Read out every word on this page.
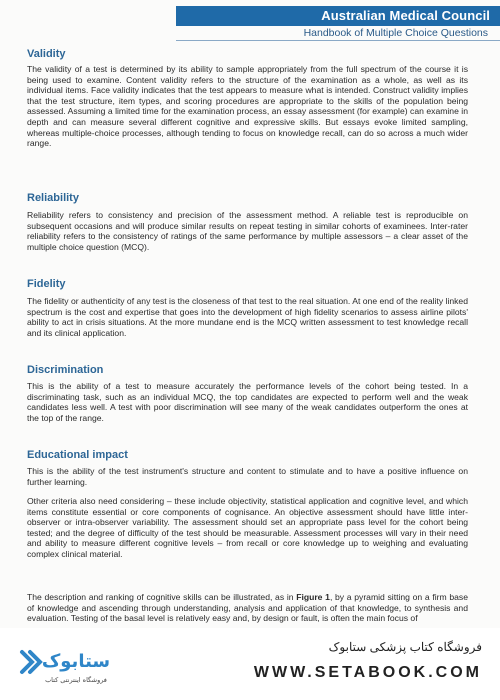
Australian Medical Council
Handbook of Multiple Choice Questions
Validity

The validity of a test is determined by its ability to sample appropriately from the full spectrum of the course it is being used to examine. Content validity refers to the structure of the examination as a whole, as well as its individual items. Face validity indicates that the test appears to measure what is intended. Construct validity implies that the test structure, item types, and scoring procedures are appropriate to the skills of the population being assessed. Assuming a limited time for the examination process, an essay assessment (for example) can examine in depth and can measure several different cognitive and expressive skills. But essays evoke limited sampling, whereas multiple-choice processes, although tending to focus on knowledge recall, can do so across a much wider range.

Reliability

Reliability refers to consistency and precision of the assessment method. A reliable test is reproducible on subsequent occasions and will produce similar results on repeat testing in similar cohorts of examinees. Inter-rater reliability refers to the consistency of ratings of the same performance by multiple assessors – a clear asset of the multiple choice question (MCQ).

Fidelity

The fidelity or authenticity of any test is the closeness of that test to the real situation. At one end of the reality linked spectrum is the cost and expertise that goes into the development of high fidelity scenarios to assess airline pilots' ability to act in crisis situations. At the more mundane end is the MCQ written assessment to test knowledge recall and its clinical application.

Discrimination

This is the ability of a test to measure accurately the performance levels of the cohort being tested. In a discriminating task, such as an individual MCQ, the top candidates are expected to perform well and the weak candidates less well. A test with poor discrimination will see many of the weak candidates outperform the ones at the top of the range.

Educational impact

This is the ability of the test instrument's structure and content to stimulate and to have a positive influence on further learning.

Other criteria also need considering – these include objectivity, statistical application and cognitive level, and which items constitute essential or core components of cognisance. An objective assessment should have little inter-observer or intra-observer variability. The assessment should set an appropriate pass level for the cohort being tested; and the degree of difficulty of the test should be measurable. Assessment processes will vary in their need and ability to measure different cognitive levels – from recall or core knowledge up to weighing and evaluating complex clinical material.

The description and ranking of cognitive skills can be illustrated, as in Figure 1, by a pyramid sitting on a firm base of knowledge and ascending through understanding, analysis and application of that knowledge, to synthesis and evaluation. Testing of the basal level is relatively easy and, by design or fault, is often the main focus of

ستابوک
فروشگاه اینترنتی کتاب
فروشگاه کتاب پزشکی ستابوک
WWW.SETABOOK.COM
